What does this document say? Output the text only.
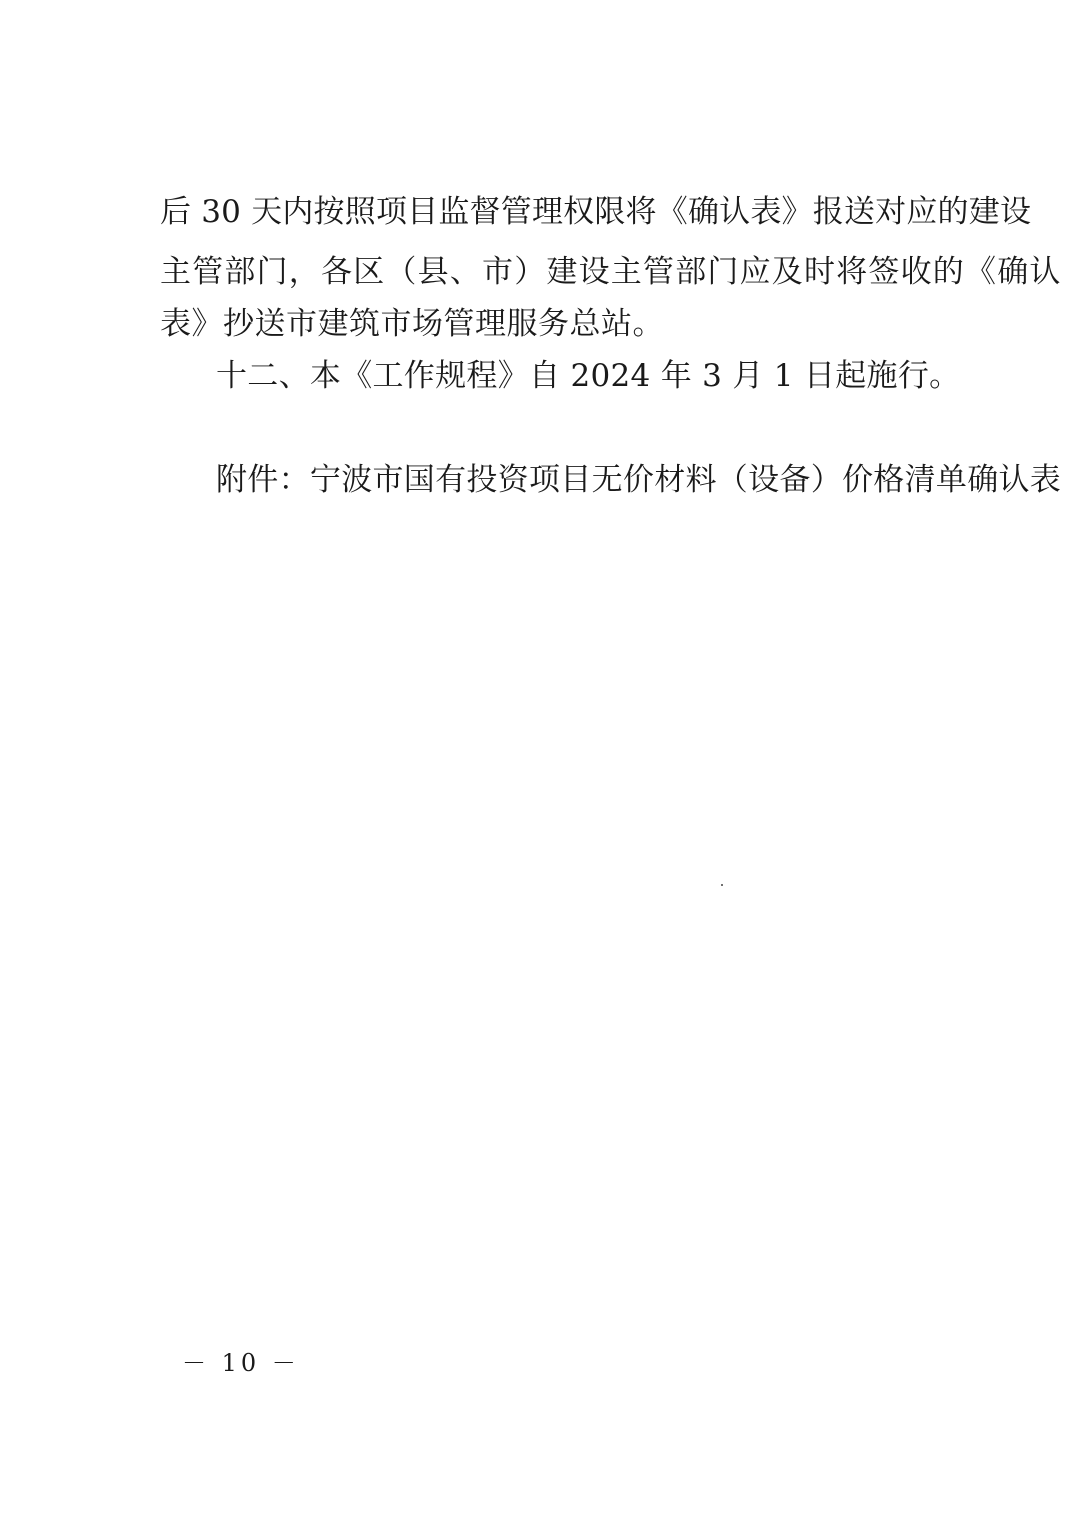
后 30 天内按照项目监督管理权限将《确认表》报送对应的建设
主管部门，各区（县、市）建设主管部门应及时将签收的《确认
表》抄送市建筑市场管理服务总站。
十二、本《工作规程》自 2024 年 3 月 1 日起施行。
附件：宁波市国有投资项目无价材料（设备）价格清单确认表
－ 10 －
